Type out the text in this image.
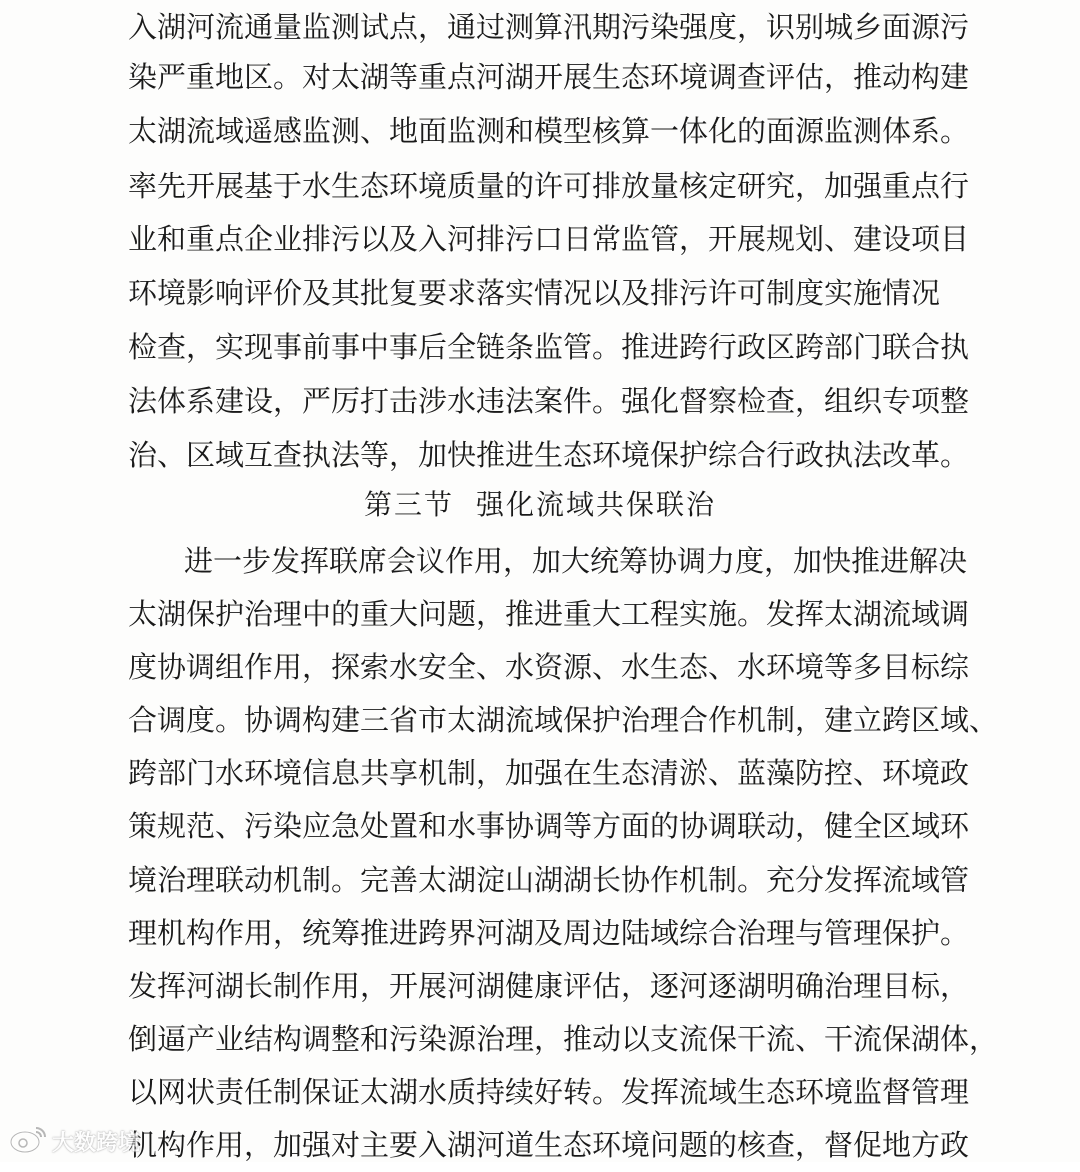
入湖河流通量监测试点，通过测算汛期污染强度，识别城乡面源污
染严重地区。对太湖等重点河湖开展生态环境调查评估，推动构建
太湖流域遥感监测、地面监测和模型核算一体化的面源监测体系。
率先开展基于水生态环境质量的许可排放量核定研究，加强重点行
业和重点企业排污以及入河排污口日常监管，开展规划、建设项目
环境影响评价及其批复要求落实情况以及排污许可制度实施情况
检查，实现事前事中事后全链条监管。推进跨行政区跨部门联合执
法体系建设，严厉打击涉水违法案件。强化督察检查，组织专项整
治、区域互查执法等，加快推进生态环境保护综合行政执法改革。
第三节 强化流域共保联治
进一步发挥联席会议作用，加大统筹协调力度，加快推进解决
太湖保护治理中的重大问题，推进重大工程实施。发挥太湖流域调
度协调组作用，探索水安全、水资源、水生态、水环境等多目标综
合调度。协调构建三省市太湖流域保护治理合作机制，建立跨区域、
跨部门水环境信息共享机制，加强在生态清淤、蓝藻防控、环境政
策规范、污染应急处置和水事协调等方面的协调联动，健全区域环
境治理联动机制。完善太湖淀山湖湖长协作机制。充分发挥流域管
理机构作用，统筹推进跨界河湖及周边陆域综合治理与管理保护。
发挥河湖长制作用，开展河湖健康评估，逐河逐湖明确治理目标，
倒逼产业结构调整和污染源治理，推动以支流保干流、干流保湖体，
以网状责任制保证太湖水质持续好转。发挥流域生态环境监督管理
机构作用，加强对主要入湖河道生态环境问题的核查，督促地方政
大数跨境
